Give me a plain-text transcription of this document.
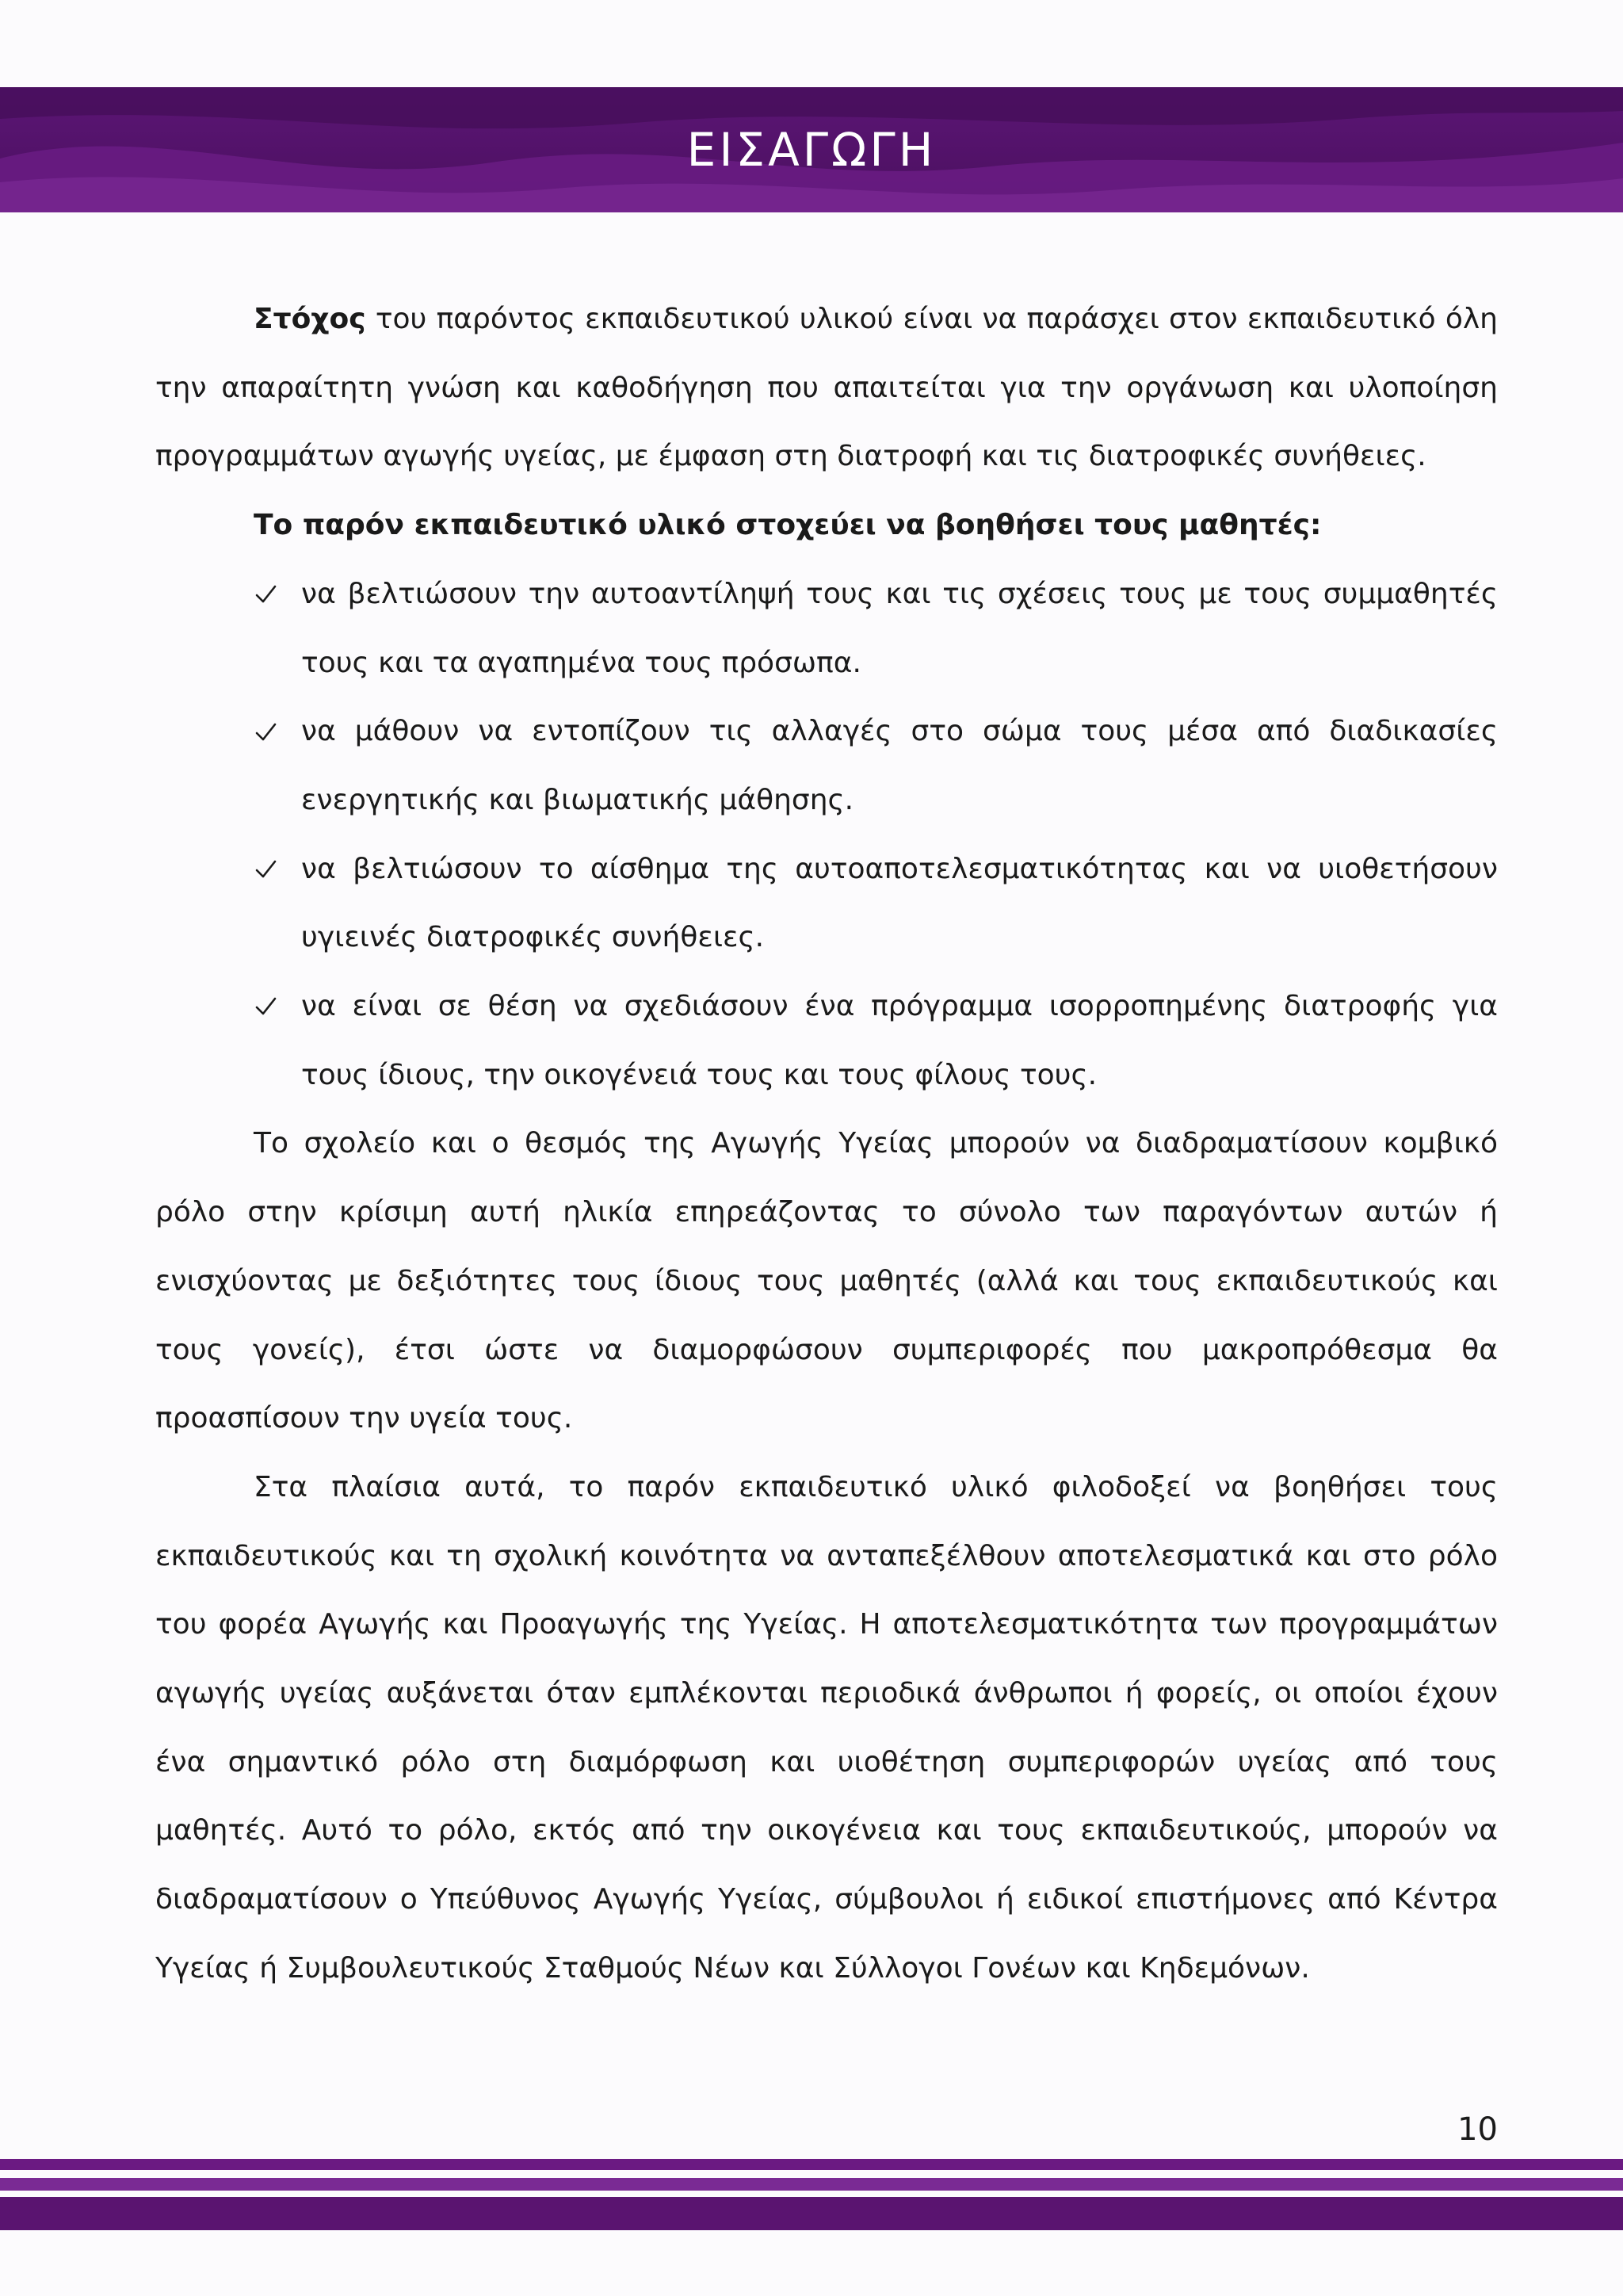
ΕΙΣΑΓΩΓΗ

Στόχος του παρόντος εκπαιδευτικού υλικού είναι να παράσχει στον εκπαιδευτικό όλη την απαραίτητη γνώση και καθοδήγηση που απαιτείται για την οργάνωση και υλοποίηση προγραμμάτων αγωγής υγείας, με έμφαση στη διατροφή και τις διατροφικές συνήθειες.

Το παρόν εκπαιδευτικό υλικό στοχεύει να βοηθήσει τους μαθητές:

να βελτιώσουν την αυτοαντίληψή τους και τις σχέσεις τους με τους συμμαθητές τους και τα αγαπημένα τους πρόσωπα.
να μάθουν να εντοπίζουν τις αλλαγές στο σώμα τους μέσα από διαδικασίες ενεργητικής και βιωματικής μάθησης.
να βελτιώσουν το αίσθημα της αυτοαποτελεσματικότητας και να υιοθετήσουν υγιεινές διατροφικές συνήθειες.
να είναι σε θέση να σχεδιάσουν ένα πρόγραμμα ισορροπημένης διατροφής για τους ίδιους, την οικογένειά τους και τους φίλους τους.

Το σχολείο και ο θεσμός της Αγωγής Υγείας μπορούν να διαδραματίσουν κομβικό ρόλο στην κρίσιμη αυτή ηλικία επηρεάζοντας το σύνολο των παραγόντων αυτών ή ενισχύοντας με δεξιότητες τους ίδιους τους μαθητές (αλλά και τους εκπαιδευτικούς και τους γονείς), έτσι ώστε να διαμορφώσουν συμπεριφορές που μακροπρόθεσμα θα προασπίσουν την υγεία τους.

Στα πλαίσια αυτά, το παρόν εκπαιδευτικό υλικό φιλοδοξεί να βοηθήσει τους εκπαιδευτικούς και τη σχολική κοινότητα να ανταπεξέλθουν αποτελεσματικά και στο ρόλο του φορέα Αγωγής και Προαγωγής της Υγείας. Η αποτελεσματικότητα των προγραμμάτων αγωγής υγείας αυξάνεται όταν εμπλέκονται περιοδικά άνθρωποι ή φορείς, οι οποίοι έχουν ένα σημαντικό ρόλο στη διαμόρφωση και υιοθέτηση συμπεριφορών υγείας από τους μαθητές. Αυτό το ρόλο, εκτός από την οικογένεια και τους εκπαιδευτικούς, μπορούν να διαδραματίσουν ο Υπεύθυνος Αγωγής Υγείας, σύμβουλοι ή ειδικοί επιστήμονες από Κέντρα Υγείας ή Συμβουλευτικούς Σταθμούς Νέων και Σύλλογοι Γονέων και Κηδεμόνων.

10
